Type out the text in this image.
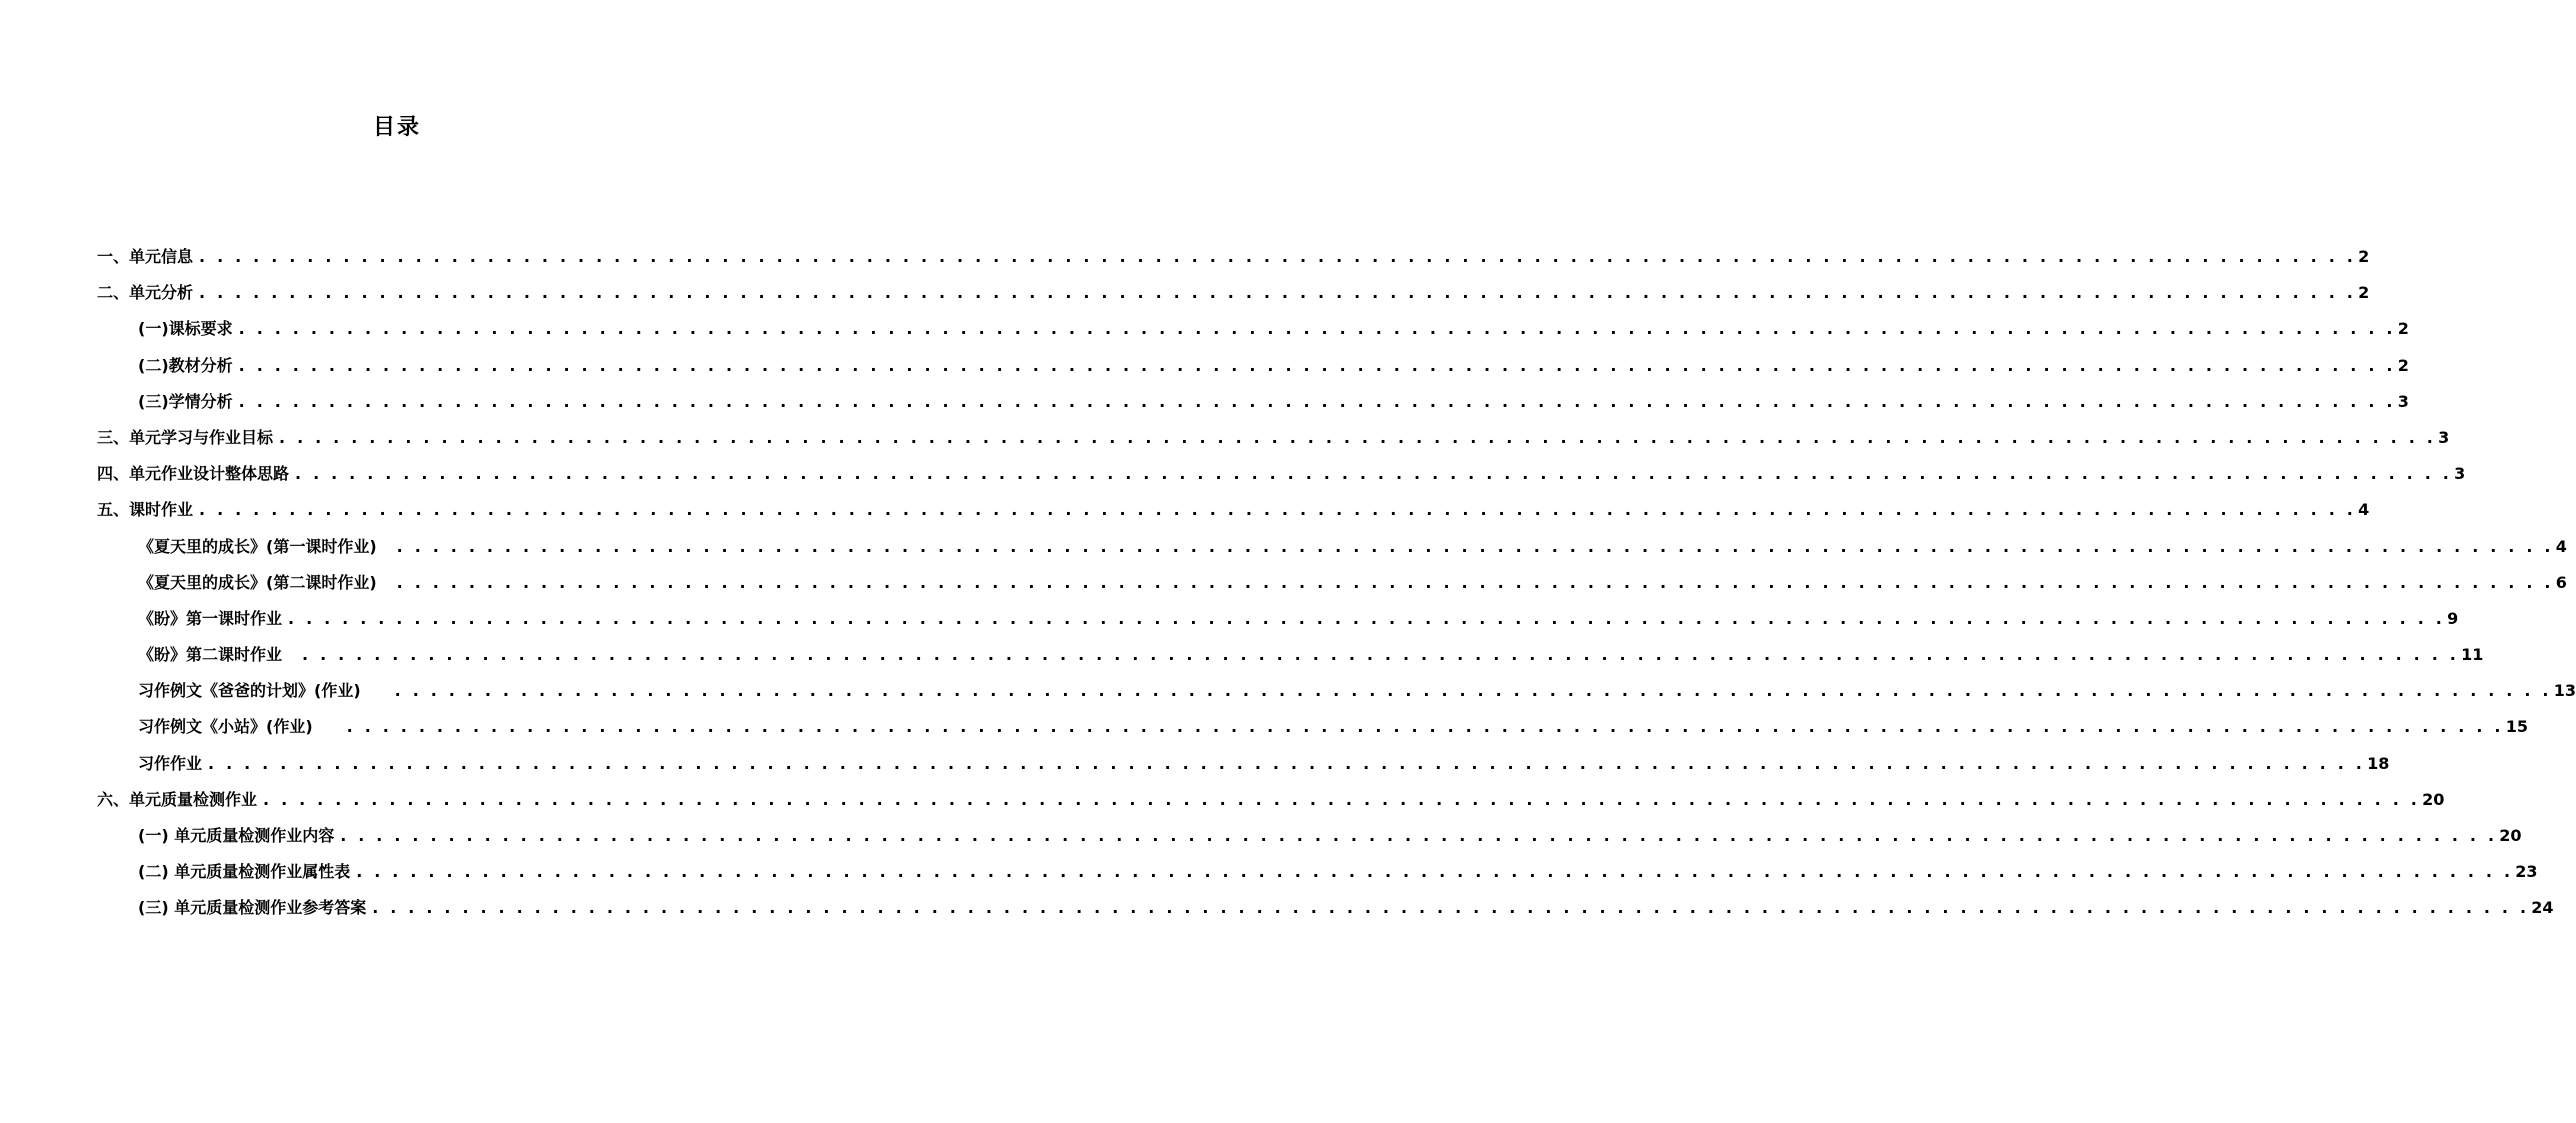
目录
一、单元信息 . . . . . . . . . . . . . . . . . . . . . . . . . . . . . . . . . . . . . . . . . . . . . . . . . . . . . . . . . . . . . . . . . . . . . . . . . . . . . . . . . . . . . . . . . . . . . . . . . . . . . . . . . . . . . . . . . . . . . . . . 2
二、单元分析 . . . . . . . . . . . . . . . . . . . . . . . . . . . . . . . . . . . . . . . . . . . . . . . . . . . . . . . . . . . . . . . . . . . . . . . . . . . . . . . . . . . . . . . . . . . . . . . . . . . . . . . . . . . . . . . . . . . . . . . . 2
(一)课标要求 . . . . . . . . . . . . . . . . . . . . . . . . . . . . . . . . . . . . . . . . . . . . . . . . . . . . . . . . . . . . . . . . . . . . . . . . . . . . . . . . . . . . . . . . . . . . . . . . . . . . . . . . . . . . . . . . . . . . . . . . 2
(二)教材分析 . . . . . . . . . . . . . . . . . . . . . . . . . . . . . . . . . . . . . . . . . . . . . . . . . . . . . . . . . . . . . . . . . . . . . . . . . . . . . . . . . . . . . . . . . . . . . . . . . . . . . . . . . . . . . . . . . . . . . . . . 2
(三)学情分析 . . . . . . . . . . . . . . . . . . . . . . . . . . . . . . . . . . . . . . . . . . . . . . . . . . . . . . . . . . . . . . . . . . . . . . . . . . . . . . . . . . . . . . . . . . . . . . . . . . . . . . . . . . . . . . . . . . . . . . . . 3
三、单元学习与作业目标 . . . . . . . . . . . . . . . . . . . . . . . . . . . . . . . . . . . . . . . . . . . . . . . . . . . . . . . . . . . . . . . . . . . . . . . . . . . . . . . . . . . . . . . . . . . . . . . . . . . . . . . . . . . . . . . . . . . . . . . . 3
四、单元作业设计整体思路 . . . . . . . . . . . . . . . . . . . . . . . . . . . . . . . . . . . . . . . . . . . . . . . . . . . . . . . . . . . . . . . . . . . . . . . . . . . . . . . . . . . . . . . . . . . . . . . . . . . . . . . . . . . . . . . . . . . . . . . . 3
五、课时作业 . . . . . . . . . . . . . . . . . . . . . . . . . . . . . . . . . . . . . . . . . . . . . . . . . . . . . . . . . . . . . . . . . . . . . . . . . . . . . . . . . . . . . . . . . . . . . . . . . . . . . . . . . . . . . . . . . . . . . . . . 4
《夏天里的成长》(第一课时作业) . . . . . . . . . . . . . . . . . . . . . . . . . . . . . . . . . . . . . . . . . . . . . . . . . . . . . . . . . . . . . . . . . . . . . . . . . . . . . . . . . . . . . . . . . . . . . . . . . . . . . . . . . . . . . . . . . . . . . . . . 4
《夏天里的成长》(第二课时作业) . . . . . . . . . . . . . . . . . . . . . . . . . . . . . . . . . . . . . . . . . . . . . . . . . . . . . . . . . . . . . . . . . . . . . . . . . . . . . . . . . . . . . . . . . . . . . . . . . . . . . . . . . . . . . . . . . . . . . . . . 6
《盼》第一课时作业 . . . . . . . . . . . . . . . . . . . . . . . . . . . . . . . . . . . . . . . . . . . . . . . . . . . . . . . . . . . . . . . . . . . . . . . . . . . . . . . . . . . . . . . . . . . . . . . . . . . . . . . . . . . . . . . . . . . . . . . . 9
《盼》第二课时作业 . . . . . . . . . . . . . . . . . . . . . . . . . . . . . . . . . . . . . . . . . . . . . . . . . . . . . . . . . . . . . . . . . . . . . . . . . . . . . . . . . . . . . . . . . . . . . . . . . . . . . . . . . . . . . . . . . . . . . . . . 11
习作例文《爸爸的计划》(作业) . . . . . . . . . . . . . . . . . . . . . . . . . . . . . . . . . . . . . . . . . . . . . . . . . . . . . . . . . . . . . . . . . . . . . . . . . . . . . . . . . . . . . . . . . . . . . . . . . . . . . . . . . . . . . . . . . . . . . . . . 13
习作例文《小站》(作业) . . . . . . . . . . . . . . . . . . . . . . . . . . . . . . . . . . . . . . . . . . . . . . . . . . . . . . . . . . . . . . . . . . . . . . . . . . . . . . . . . . . . . . . . . . . . . . . . . . . . . . . . . . . . . . . . . . . . . . . . 15
习作作业 . . . . . . . . . . . . . . . . . . . . . . . . . . . . . . . . . . . . . . . . . . . . . . . . . . . . . . . . . . . . . . . . . . . . . . . . . . . . . . . . . . . . . . . . . . . . . . . . . . . . . . . . . . . . . . . . . . . . . . . . 18
六、单元质量检测作业 . . . . . . . . . . . . . . . . . . . . . . . . . . . . . . . . . . . . . . . . . . . . . . . . . . . . . . . . . . . . . . . . . . . . . . . . . . . . . . . . . . . . . . . . . . . . . . . . . . . . . . . . . . . . . . . . . . . . . . . . 20
(一) 单元质量检测作业内容 . . . . . . . . . . . . . . . . . . . . . . . . . . . . . . . . . . . . . . . . . . . . . . . . . . . . . . . . . . . . . . . . . . . . . . . . . . . . . . . . . . . . . . . . . . . . . . . . . . . . . . . . . . . . . . . . . . . . . . . . 20
(二) 单元质量检测作业属性表 . . . . . . . . . . . . . . . . . . . . . . . . . . . . . . . . . . . . . . . . . . . . . . . . . . . . . . . . . . . . . . . . . . . . . . . . . . . . . . . . . . . . . . . . . . . . . . . . . . . . . . . . . . . . . . . . . . . . . . . . 23
(三) 单元质量检测作业参考答案 . . . . . . . . . . . . . . . . . . . . . . . . . . . . . . . . . . . . . . . . . . . . . . . . . . . . . . . . . . . . . . . . . . . . . . . . . . . . . . . . . . . . . . . . . . . . . . . . . . . . . . . . . . . . . . . . . . . . . . . . 24
